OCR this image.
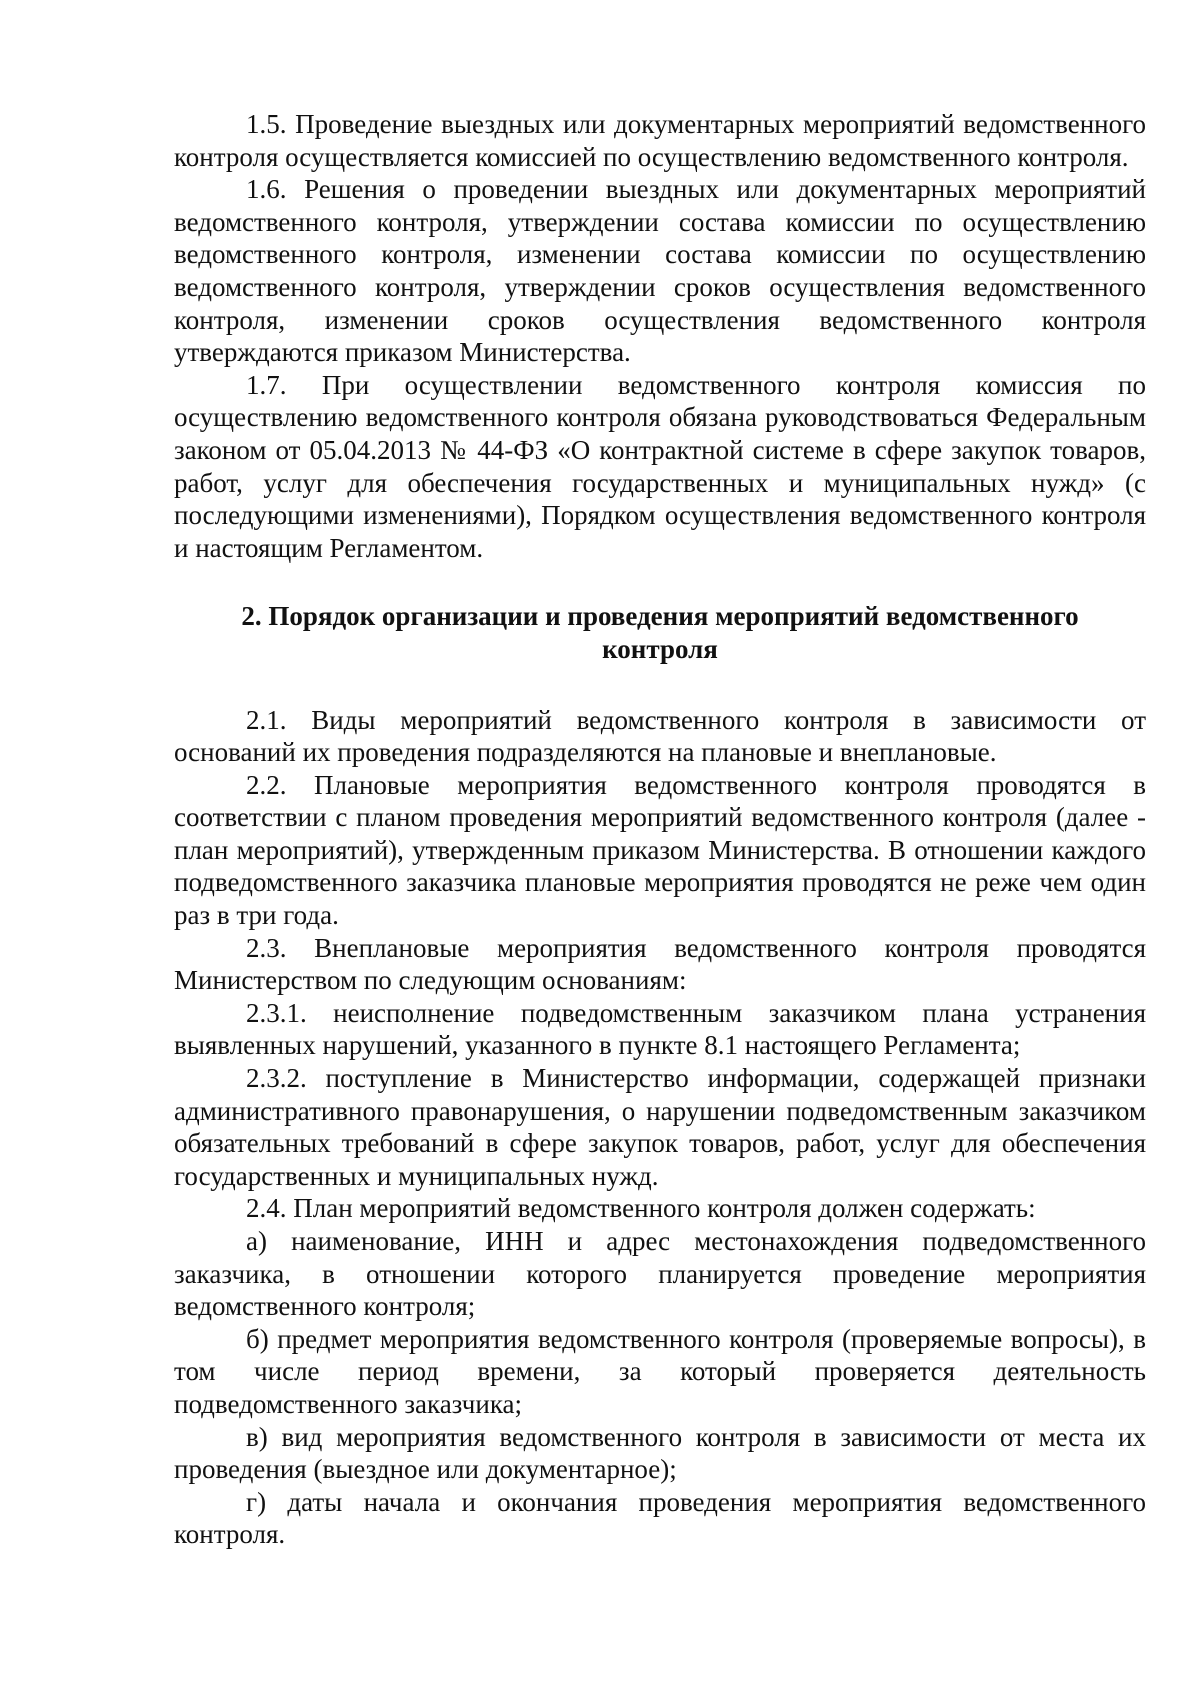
1.5. Проведение выездных или документарных мероприятий ведомственного контроля осуществляется комиссией по осуществлению ведомственного контроля.

1.6. Решения о проведении выездных или документарных мероприятий ведомственного контроля, утверждении состава комиссии по осуществлению ведомственного контроля, изменении состава комиссии по осуществлению ведомственного контроля, утверждении сроков осуществления ведомственного контроля, изменении сроков осуществления ведомственного контроля утверждаются приказом Министерства.

1.7. При осуществлении ведомственного контроля комиссия по осуществлению ведомственного контроля обязана руководствоваться Федеральным законом от 05.04.2013 № 44-ФЗ «О контрактной системе в сфере закупок товаров, работ, услуг для обеспечения государственных и муниципальных нужд» (с последующими изменениями), Порядком осуществления ведомственного контроля и настоящим Регламентом.

2. Порядок организации и проведения мероприятий ведомственного контроля

2.1. Виды мероприятий ведомственного контроля в зависимости от оснований их проведения подразделяются на плановые и внеплановые.

2.2. Плановые мероприятия ведомственного контроля проводятся в соответствии с планом проведения мероприятий ведомственного контроля (далее - план мероприятий), утвержденным приказом Министерства. В отношении каждого подведомственного заказчика плановые мероприятия проводятся не реже чем один раз в три года.

2.3. Внеплановые мероприятия ведомственного контроля проводятся Министерством по следующим основаниям:

2.3.1. неисполнение подведомственным заказчиком плана устранения выявленных нарушений, указанного в пункте 8.1 настоящего Регламента;

2.3.2. поступление в Министерство информации, содержащей признаки административного правонарушения, о нарушении подведомственным заказчиком обязательных требований в сфере закупок товаров, работ, услуг для обеспечения государственных и муниципальных нужд.

2.4. План мероприятий ведомственного контроля должен содержать:

а) наименование, ИНН и адрес местонахождения подведомственного заказчика, в отношении которого планируется проведение мероприятия ведомственного контроля;

б) предмет мероприятия ведомственного контроля (проверяемые вопросы), в том числе период времени, за который проверяется деятельность подведомственного заказчика;

в) вид мероприятия ведомственного контроля в зависимости от места их проведения (выездное или документарное);

г) даты начала и окончания проведения мероприятия ведомственного контроля.
